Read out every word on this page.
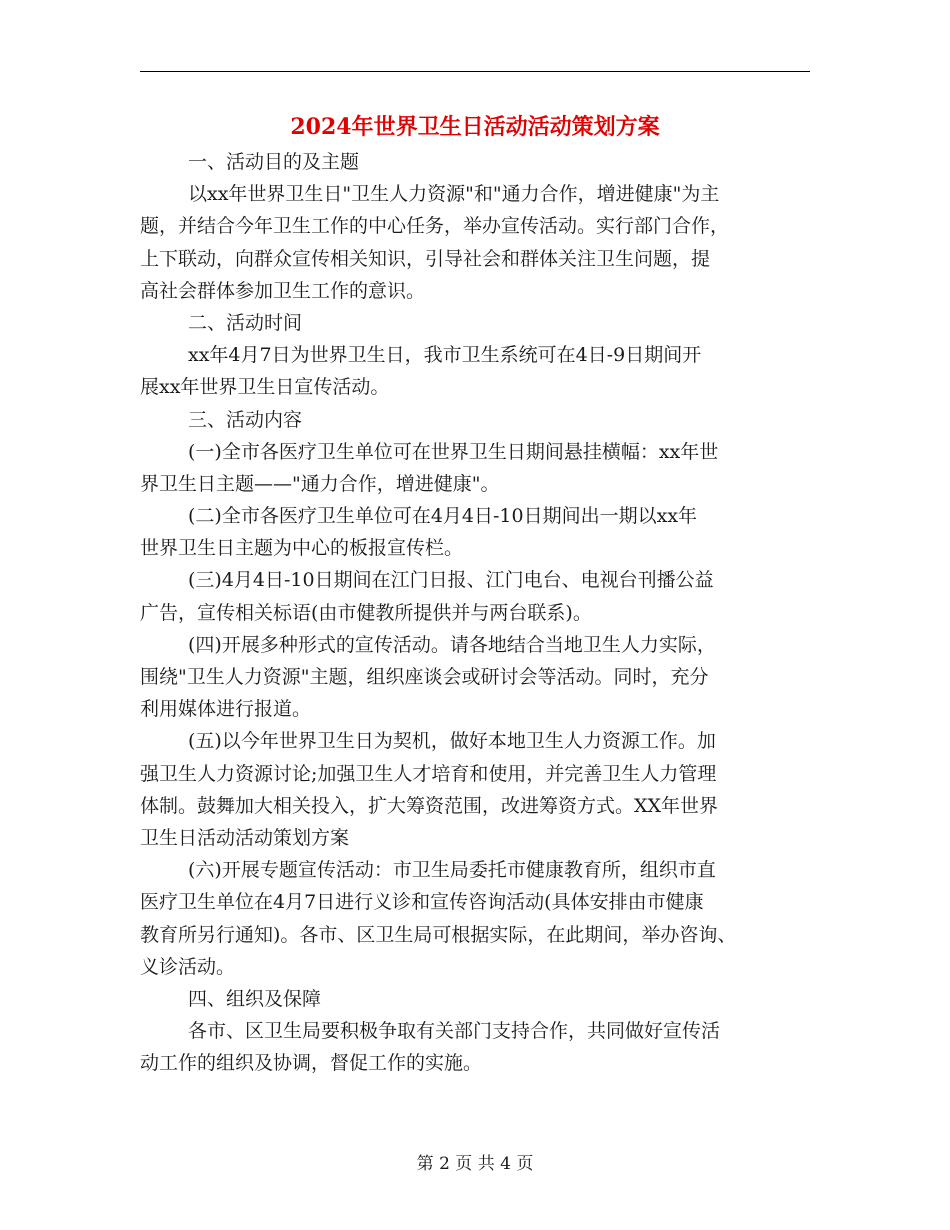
2024年世界卫生日活动活动策划方案
一、活动目的及主题
以xx年世界卫生日"卫生人力资源"和"通力合作，增进健康"为主
题，并结合今年卫生工作的中心任务，举办宣传活动。实行部门合作，
上下联动，向群众宣传相关知识，引导社会和群体关注卫生问题，提
高社会群体参加卫生工作的意识。
二、活动时间
xx年4月7日为世界卫生日，我市卫生系统可在4日-9日期间开
展xx年世界卫生日宣传活动。
三、活动内容
(一)全市各医疗卫生单位可在世界卫生日期间悬挂横幅：xx年世
界卫生日主题——"通力合作，增进健康"。
(二)全市各医疗卫生单位可在4月4日-10日期间出一期以xx年
世界卫生日主题为中心的板报宣传栏。
(三)4月4日-10日期间在江门日报、江门电台、电视台刊播公益
广告，宣传相关标语(由市健教所提供并与两台联系)。
(四)开展多种形式的宣传活动。请各地结合当地卫生人力实际，
围绕"卫生人力资源"主题，组织座谈会或研讨会等活动。同时，充分
利用媒体进行报道。
(五)以今年世界卫生日为契机，做好本地卫生人力资源工作。加
强卫生人力资源讨论;加强卫生人才培育和使用，并完善卫生人力管理
体制。鼓舞加大相关投入，扩大筹资范围，改进筹资方式。XX年世界
卫生日活动活动策划方案
(六)开展专题宣传活动：市卫生局委托市健康教育所，组织市直
医疗卫生单位在4月7日进行义诊和宣传咨询活动(具体安排由市健康
教育所另行通知)。各市、区卫生局可根据实际，在此期间，举办咨询、
义诊活动。
四、组织及保障
各市、区卫生局要积极争取有关部门支持合作，共同做好宣传活
动工作的组织及协调，督促工作的实施。
第 2 页 共 4 页
